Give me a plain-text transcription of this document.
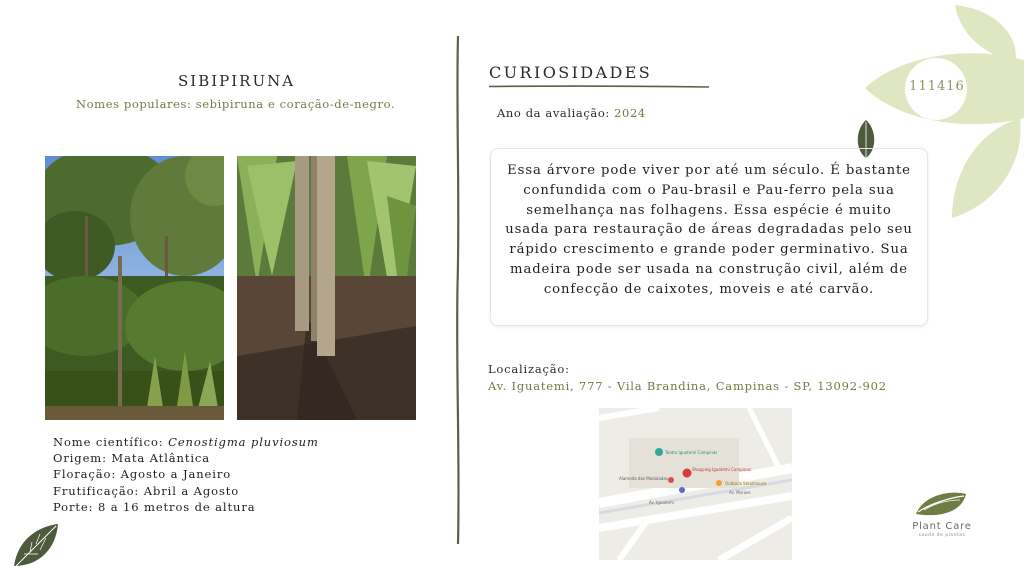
SIBIPIRUNA
Nomes populares: sebipiruna e coração-de-negro.
Nome científico: Cenostigma pluviosum
Origem: Mata Atlântica
Floração: Agosto a Janeiro
Frutificação: Abril a Agosto
Porte: 8 a 16 metros de altura
CURIOSIDADES
Ano da avaliação: 2024
Essa árvore pode viver por até um século. É bastante confundida com o Pau-brasil e Pau-ferro pela sua semelhança nas folhagens. Essa espécie é muito usada para restauração de áreas degradadas pelo seu rápido crescimento e grande poder germinativo. Sua madeira pode ser usada na construção civil, além de confecção de caixotes, moveis e até carvão.
Localização:
Av. Iguatemi, 777 - Vila Brandina, Campinas - SP, 13092-902
Teatro Iguatemi Campinas
Shopping Iguatemi Campinas
Outback Steakhouse
Alameda dos Moduladas
Av. Iguatemi
Av. Moraes
111416
Plant Care
saúde de plantas
